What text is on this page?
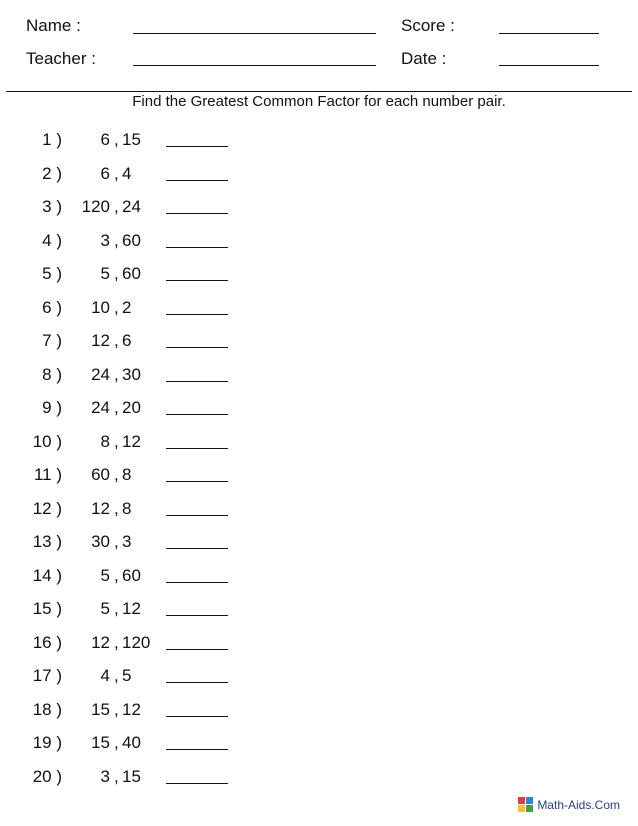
Name :	Score :
Teacher :	Date :
Find the Greatest Common Factor for each number pair.
1 )	6 , 15
2 )	6 , 4
3 )	120 , 24
4 )	3 , 60
5 )	5 , 60
6 )	10 , 2
7 )	12 , 6
8 )	24 , 30
9 )	24 , 20
10 )	8 , 12
11 )	60 , 8
12 )	12 , 8
13 )	30 , 3
14 )	5 , 60
15 )	5 , 12
16 )	12 , 120
17 )	4 , 5
18 )	15 , 12
19 )	15 , 40
20 )	3 , 15
Math-Aids.Com
